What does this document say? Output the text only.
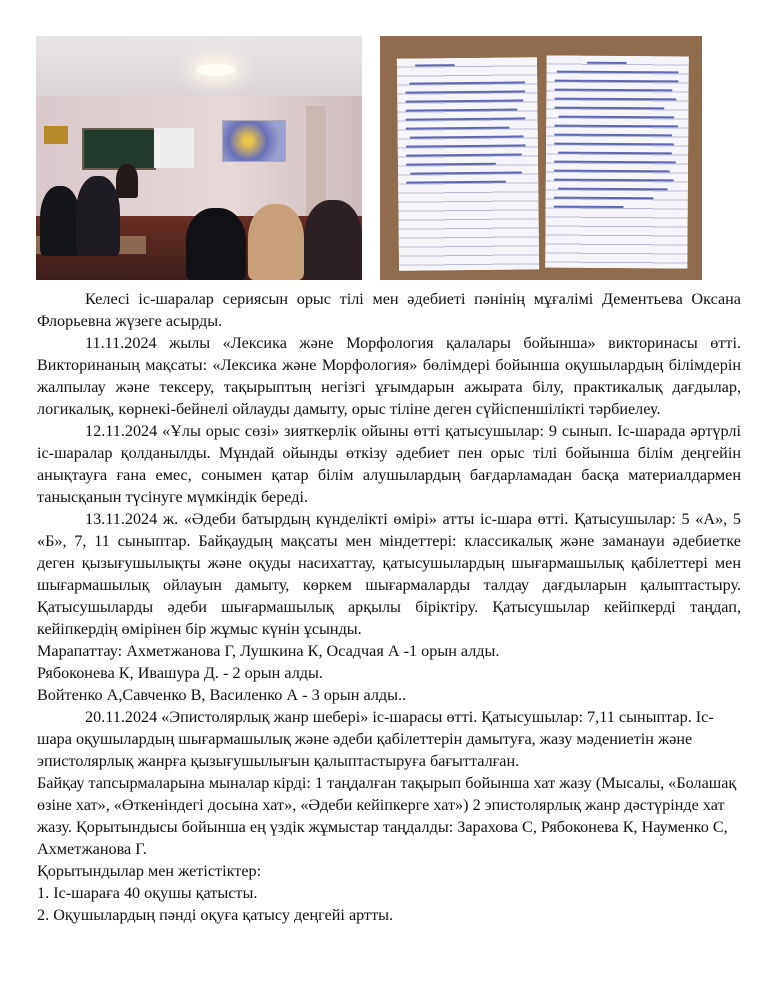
Келесі іс-шаралар сериясын орыс тілі мен әдебиеті пәнінің мұғалімі Дементьева Оксана Флорьевна жүзеге асырды.

11.11.2024 жылы «Лексика және Морфология қалалары бойынша» викторинасы өтті. Викторинаның мақсаты: «Лексика және Морфология» бөлімдері бойынша оқушылардың білімдерін жалпылау және тексеру, тақырыптың негізгі ұғымдарын ажырата білу, практикалық дағдылар, логикалық, көрнекі-бейнелі ойлауды дамыту, орыс тіліне деген сүйіспеншілікті тәрбиелеу.

12.11.2024 «Ұлы орыс сөзі» зияткерлік ойыны өтті қатысушылар: 9 сынып. Іс-шарада әртүрлі іс-шаралар қолданылды. Мұндай ойынды өткізу әдебиет пен орыс тілі бойынша білім деңгейін анықтауға ғана емес, сонымен қатар білім алушылардың бағдарламадан басқа материалдармен танысқанын түсінуге мүмкіндік береді.

13.11.2024 ж. «Әдеби батырдың күнделікті өмірі» атты іс-шара өтті. Қатысушылар: 5 «А», 5 «Б», 7, 11 сыныптар. Байқаудың мақсаты мен міндеттері: классикалық және заманауи әдебиетке деген қызығушылықты және оқуды насихаттау, қатысушылардың шығармашылық қабілеттері мен шығармашылық ойлауын дамыту, көркем шығармаларды талдау дағдыларын қалыптастыру. Қатысушыларды әдеби шығармашылық арқылы біріктіру. Қатысушылар кейіпкерді таңдап, кейіпкердің өмірінен бір жұмыс күнін ұсынды.

Марапаттау: Ахметжанова Г, Лушкина К, Осадчая А -1 орын алды.

Рябоконева К, Ивашура Д. - 2 орын алды.

Войтенко А,Савченко В, Василенко А - 3 орын алды..

20.11.2024 «Эпистолярлық жанр шебері» іс-шарасы өтті. Қатысушылар: 7,11 сыныптар. Іс-шара оқушылардың шығармашылық және әдеби қабілеттерін дамытуға, жазу мәдениетін және эпистолярлық жанрға қызығушылығын қалыптастыруға бағытталған.

Байқау тапсырмаларына мыналар кірді: 1 таңдалған тақырып бойынша хат жазу (Мысалы, «Болашақ өзіне хат», «Өткеніндегі досына хат», «Әдеби кейіпкерге хат») 2 эпистолярлық жанр дәстүрінде хат жазу. Қорытындысы бойынша ең үздік жұмыстар таңдалды: Зарахова С, Рябоконева К, Науменко С, Ахметжанова Г.

Қорытындылар мен жетістіктер:

1. Іс-шараға 40 оқушы қатысты.

2. Оқушылардың пәнді оқуға қатысу деңгейі артты.
